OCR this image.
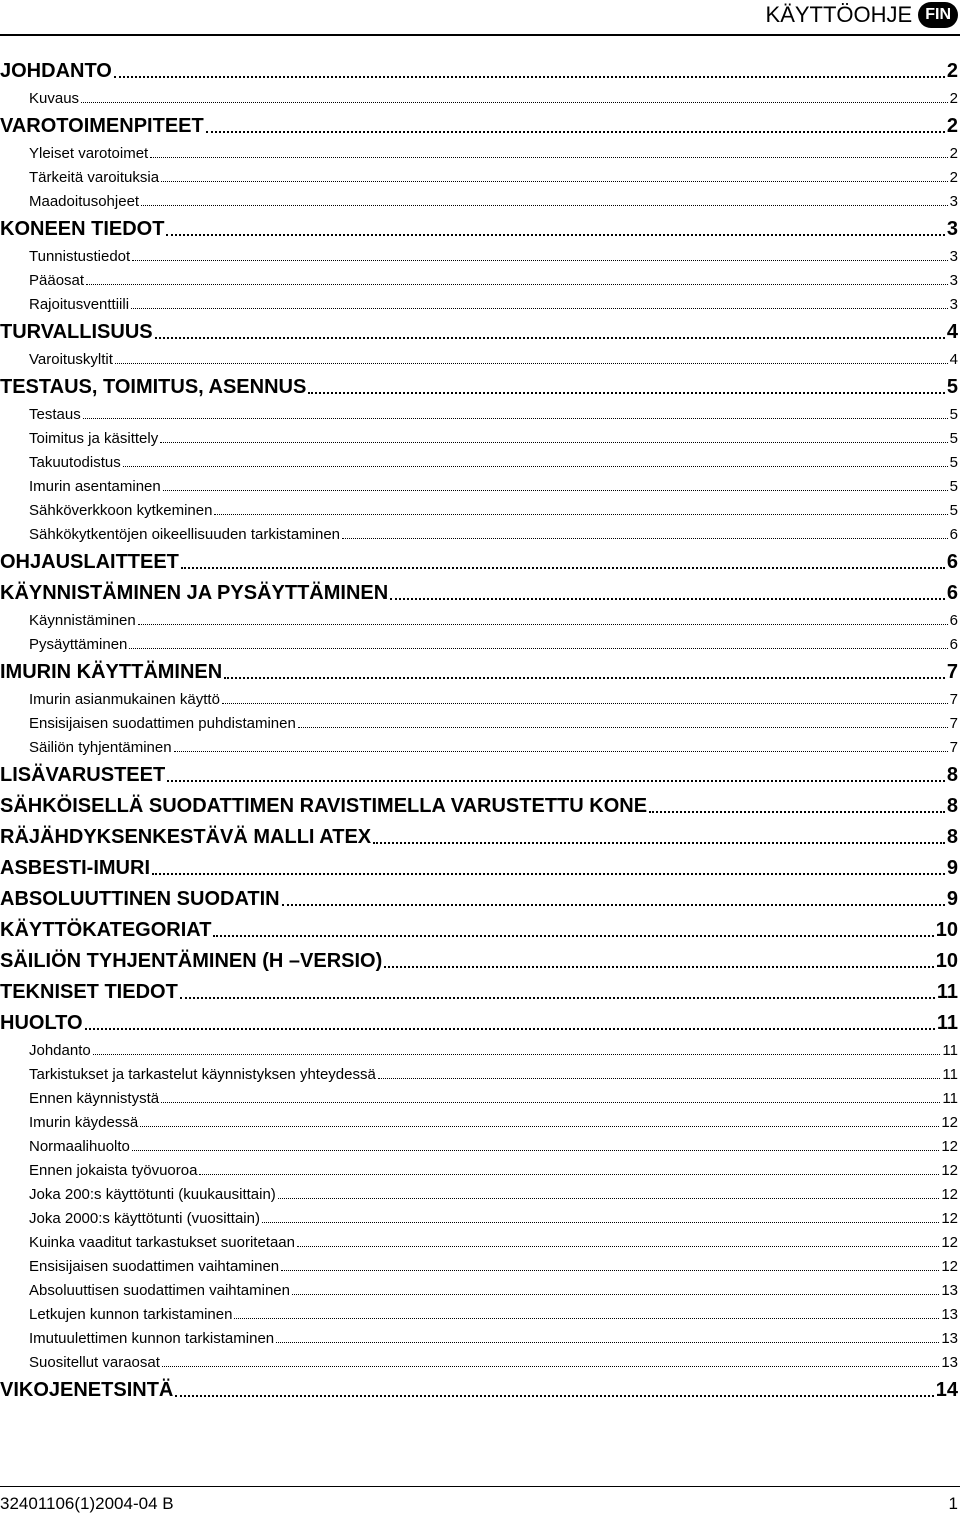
KÄYTTÖOHJE FIN
JOHDANTO	2
Kuvaus	2
VAROTOIMENPITEET	2
Yleiset varotoimet	2
Tärkeitä varoituksia	2
Maadoitusohjeet	3
KONEEN TIEDOT	3
Tunnistustiedot	3
Pääosat	3
Rajoitusventtiili	3
TURVALLISUUS	4
Varoituskyltit	4
TESTAUS, TOIMITUS, ASENNUS	5
Testaus	5
Toimitus ja käsittely	5
Takuutodistus	5
Imurin asentaminen	5
Sähköverkkoon kytkeminen	5
Sähkökytkentöjen oikeellisuuden tarkistaminen	6
OHJAUSLAITTEET	6
KÄYNNISTÄMINEN JA PYSÄYTTÄMINEN	6
Käynnistäminen	6
Pysäyttäminen	6
IMURIN KÄYTTÄMINEN	7
Imurin asianmukainen käyttö	7
Ensisijaisen suodattimen puhdistaminen	7
Säiliön tyhjentäminen	7
LISÄVARUSTEET	8
SÄHKÖISELLÄ SUODATTIMEN RAVISTIMELLA VARUSTETTU KONE	8
RÄJÄHDYKSENKESTÄVÄ MALLI ATEX	8
ASBESTI-IMURI	9
ABSOLUUTTINEN SUODATIN	9
KÄYTTÖKATEGORIAT	10
SÄILIÖN TYHJENTÄMINEN (H –VERSIO)	10
TEKNISET TIEDOT	11
HUOLTO	11
Johdanto	11
Tarkistukset ja tarkastelut käynnistyksen yhteydessä	11
Ennen käynnistystä	11
Imurin käydessä	12
Normaalihuolto	12
Ennen jokaista työvuoroa	12
Joka 200:s käyttötunti (kuukausittain)	12
Joka 2000:s käyttötunti (vuosittain)	12
Kuinka vaaditut tarkastukset suoritetaan	12
Ensisijaisen suodattimen vaihtaminen	12
Absoluuttisen suodattimen vaihtaminen	13
Letkujen kunnon tarkistaminen	13
Imutuulettimen kunnon tarkistaminen	13
Suositellut varaosat	13
VIKOJENETSINTÄ	14
32401106(1)2004-04 B	1
